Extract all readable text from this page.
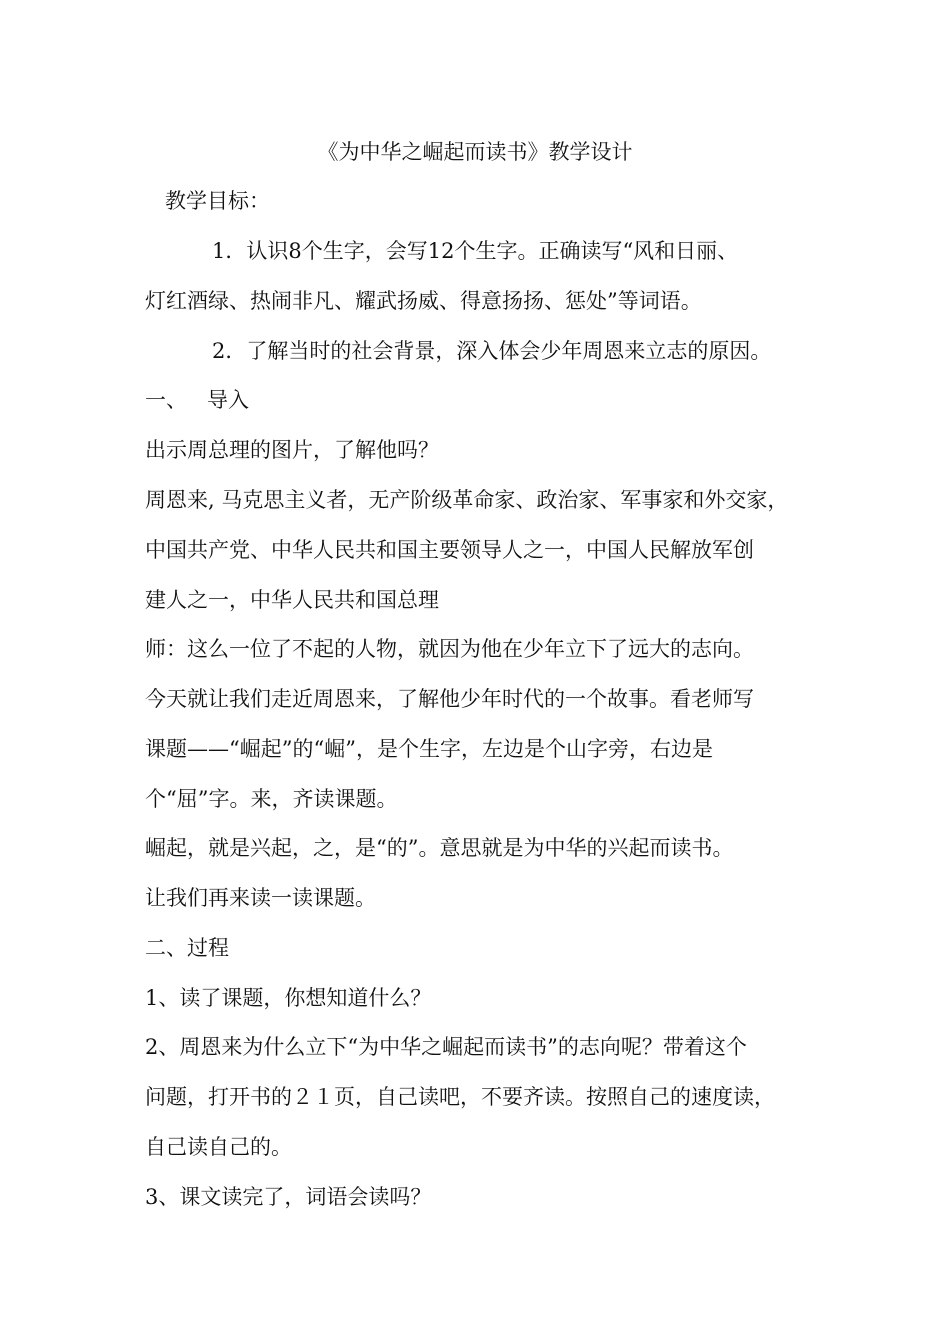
《为中华之崛起而读书》教学设计
教学目标：
1．认识8个生字，会写12个生字。正确读写“风和日丽、
灯红酒绿、热闹非凡、耀武扬威、得意扬扬、惩处”等词语。
2．了解当时的社会背景，深入体会少年周恩来立志的原因。
一、   导入
出示周总理的图片，了解他吗？
周恩来, 马克思主义者，无产阶级革命家、政治家、军事家和外交家，
中国共产党、中华人民共和国主要领导人之一，中国人民解放军创
建人之一，中华人民共和国总理
师：这么一位了不起的人物，就因为他在少年立下了远大的志向。
今天就让我们走近周恩来，了解他少年时代的一个故事。看老师写
课题——“崛起”的“崛”，是个生字，左边是个山字旁，右边是
个“屈”字。来，齐读课题。
崛起，就是兴起，之，是“的”。意思就是为中华的兴起而读书。
让我们再来读一读课题。
二、过程
1、读了课题，你想知道什么？
2、周恩来为什么立下“为中华之崛起而读书”的志向呢？带着这个
问题，打开书的２１页，自己读吧，不要齐读。按照自己的速度读，
自己读自己的。
3、课文读完了，词语会读吗？
